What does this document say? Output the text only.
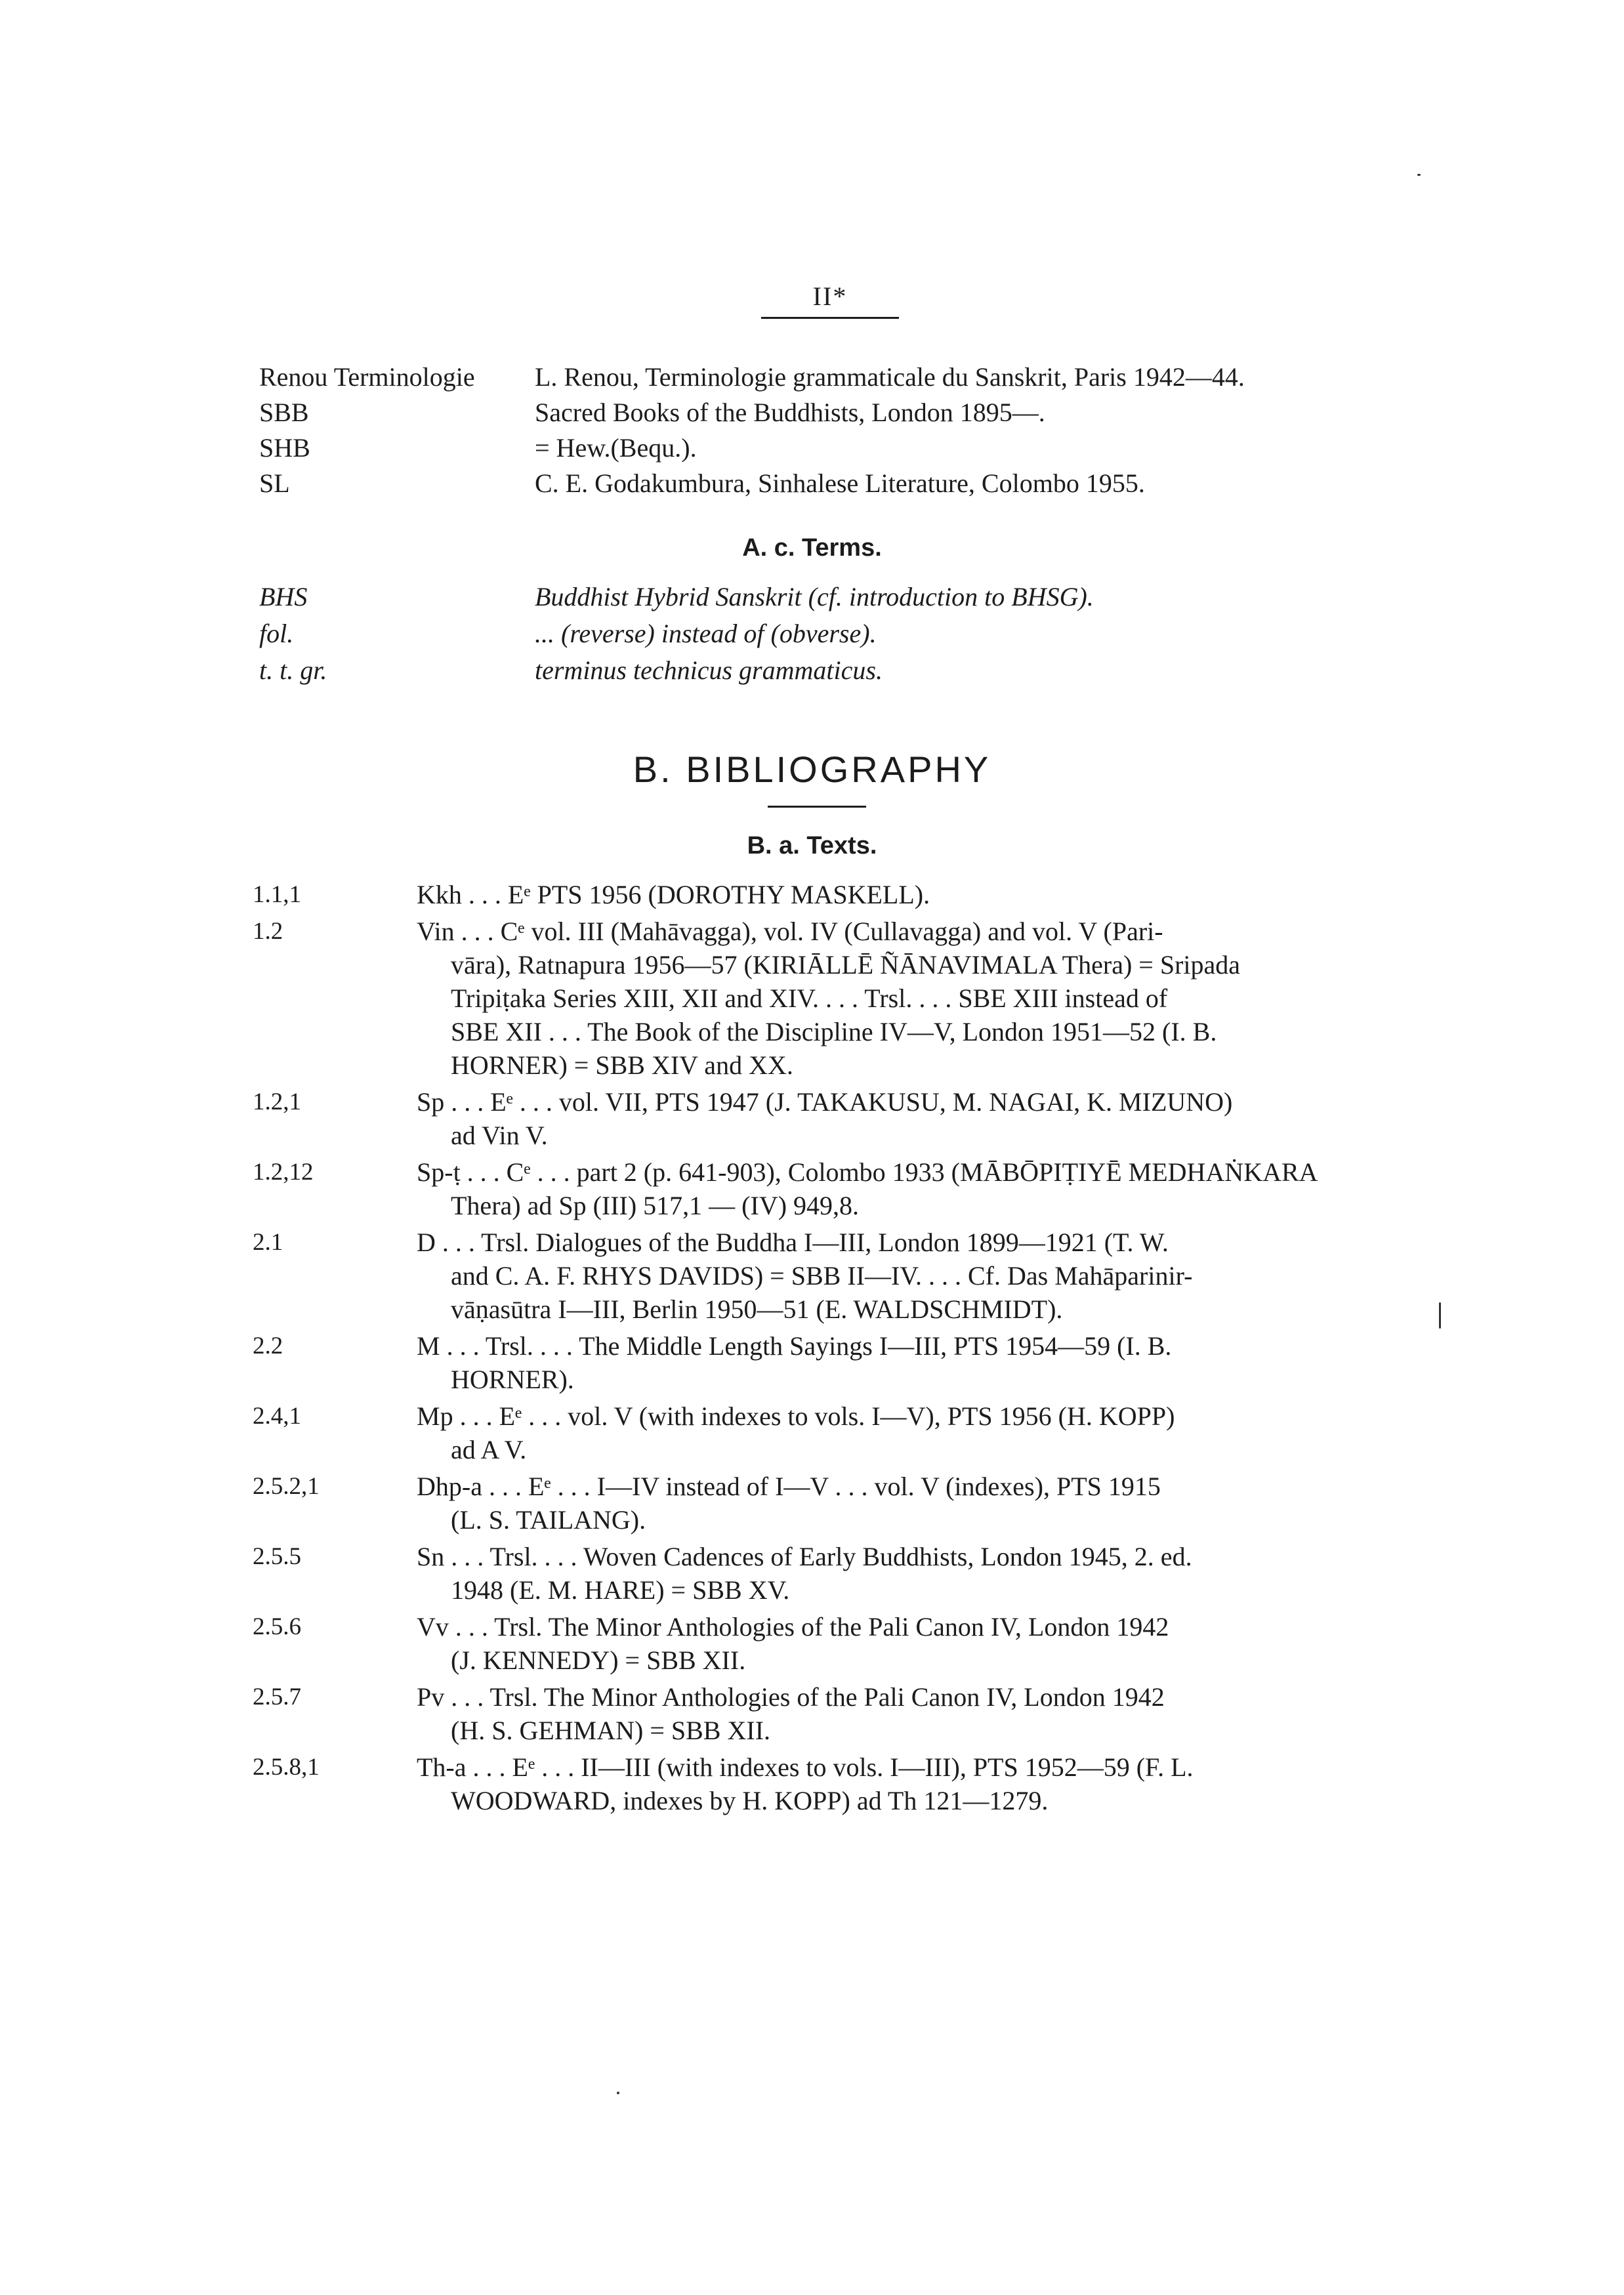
II*
Renou Terminologie	L. Renou, Terminologie grammaticale du Sanskrit, Paris 1942—44.
SBB	Sacred Books of the Buddhists, London 1895—.
SHB	= Hew.(Bequ.).
SL	C. E. Godakumbura, Sinhalese Literature, Colombo 1955.
A. c. Terms.
BHS	Buddhist Hybrid Sanskrit (cf. introduction to BHSG).
fol.	... (reverse) instead of (obverse).
t. t. gr.	terminus technicus grammaticus.
B. BIBLIOGRAPHY
B. a. Texts.
1.1,1	Kkh . . . Eᵉ PTS 1956 (DOROTHY MASKELL).
1.2	Vin . . . Cᵉ vol. III (Mahāvagga), vol. IV (Cullavagga) and vol. V (Pari-
vāra), Ratnapura 1956—57 (KIRIĀLLĒ ÑĀNAVIMALA Thera) = Sripada
Tripiṭaka Series XIII, XII and XIV. . . . Trsl. . . . SBE XIII instead of
SBE XII . . . The Book of the Discipline IV—V, London 1951—52 (I. B.
HORNER) = SBB XIV and XX.
1.2,1	Sp . . . Eᵉ . . . vol. VII, PTS 1947 (J. TAKAKUSU, M. NAGAI, K. MIZUNO)
ad Vin V.
1.2,12	Sp-ṭ . . . Cᵉ . . . part 2 (p. 641-903), Colombo 1933 (MĀBŌPIṬIYĒ MEDHAṄKARA
Thera) ad Sp (III) 517,1 — (IV) 949,8.
2.1	D . . . Trsl. Dialogues of the Buddha I—III, London 1899—1921 (T. W.
and C. A. F. RHYS DAVIDS) = SBB II—IV. . . . Cf. Das Mahāparinir-
vāṇasūtra I—III, Berlin 1950—51 (E. WALDSCHMIDT).
2.2	M . . . Trsl. . . . The Middle Length Sayings I—III, PTS 1954—59 (I. B.
HORNER).
2.4,1	Mp . . . Eᵉ . . . vol. V (with indexes to vols. I—V), PTS 1956 (H. KOPP)
ad A V.
2.5.2,1	Dhp-a . . . Eᵉ . . . I—IV instead of I—V . . . vol. V (indexes), PTS 1915
(L. S. TAILANG).
2.5.5	Sn . . . Trsl. . . . Woven Cadences of Early Buddhists, London 1945, 2. ed.
1948 (E. M. HARE) = SBB XV.
2.5.6	Vv . . . Trsl. The Minor Anthologies of the Pali Canon IV, London 1942
(J. KENNEDY) = SBB XII.
2.5.7	Pv . . . Trsl. The Minor Anthologies of the Pali Canon IV, London 1942
(H. S. GEHMAN) = SBB XII.
2.5.8,1	Th-a . . . Eᵉ . . . II—III (with indexes to vols. I—III), PTS 1952—59 (F. L.
WOODWARD, indexes by H. KOPP) ad Th 121—1279.
